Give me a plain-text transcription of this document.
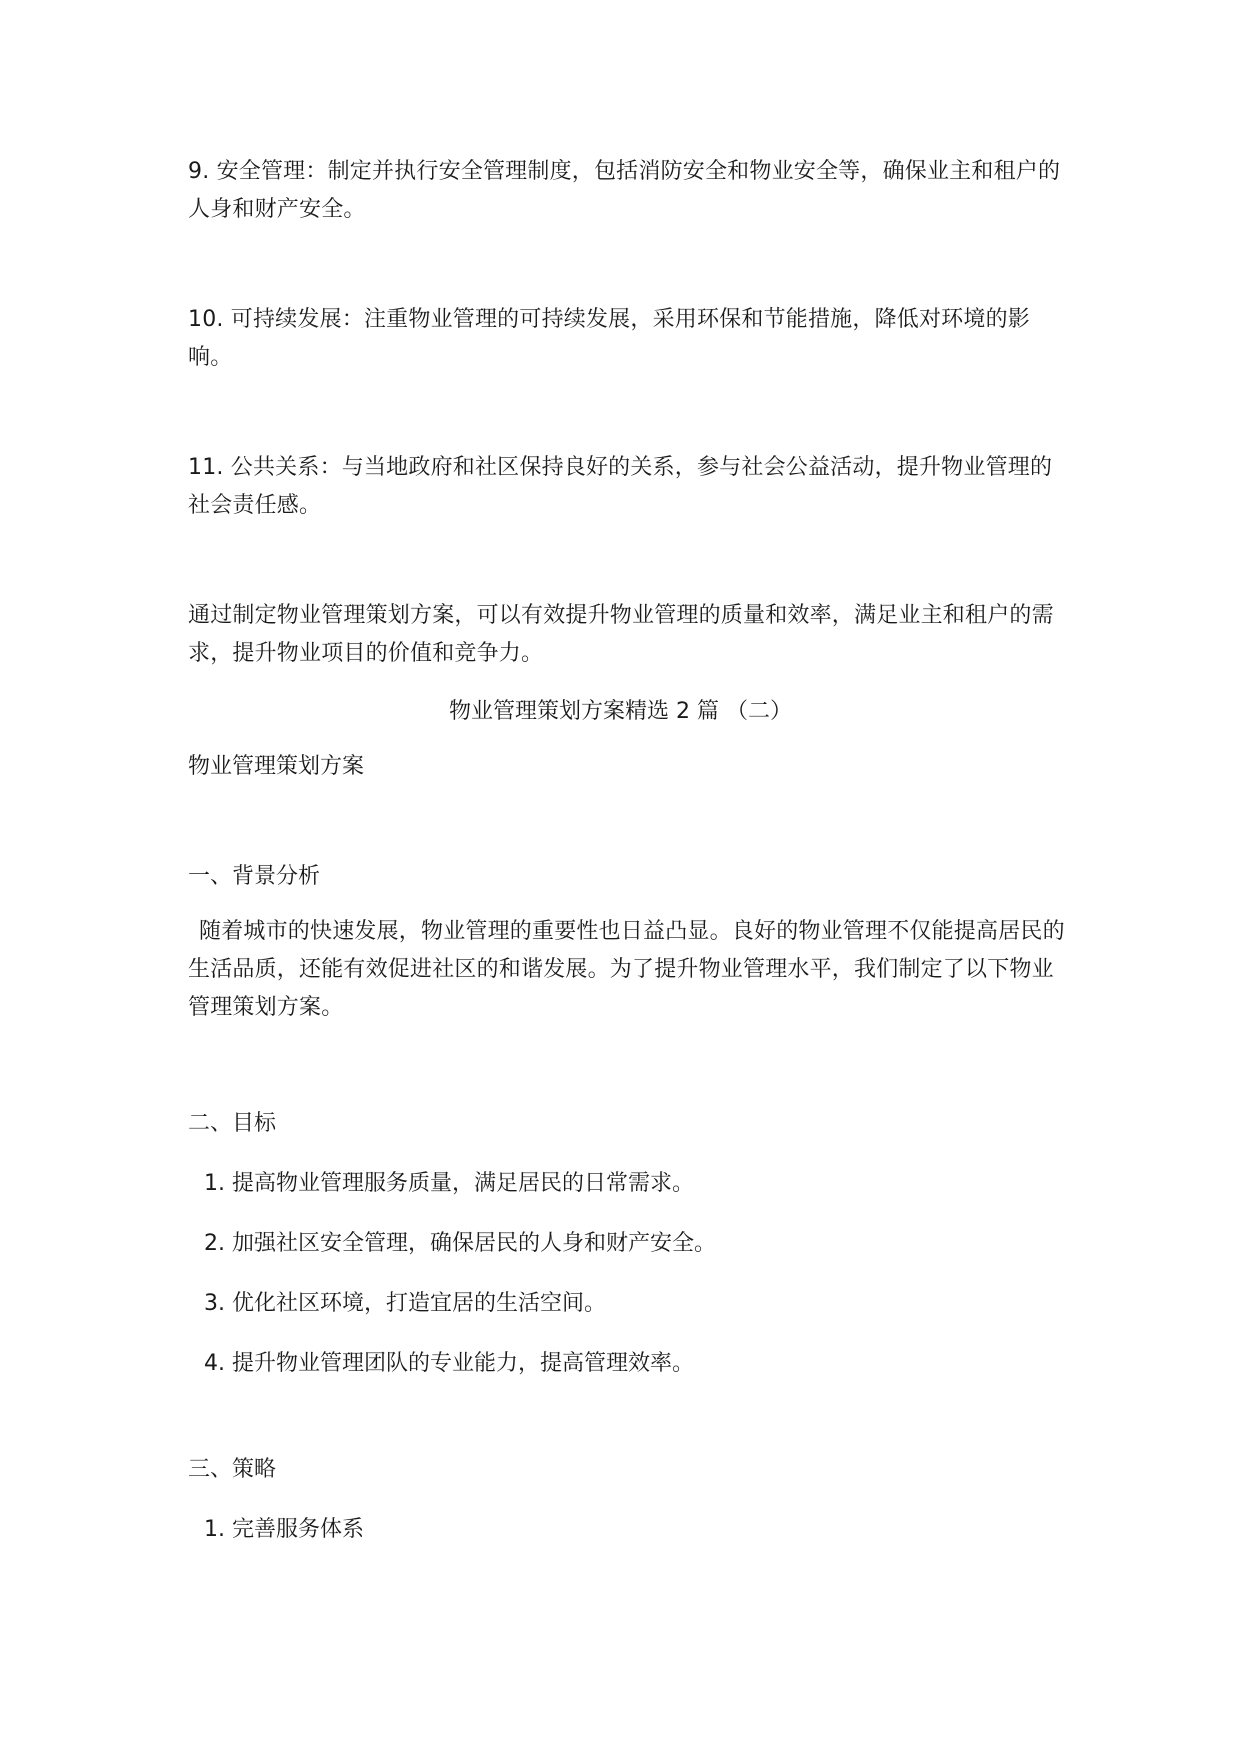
9. 安全管理：制定并执行安全管理制度，包括消防安全和物业安全等，确保业主和租户的人身和财产安全。

10. 可持续发展：注重物业管理的可持续发展，采用环保和节能措施，降低对环境的影响。

11. 公共关系：与当地政府和社区保持良好的关系，参与社会公益活动，提升物业管理的社会责任感。

通过制定物业管理策划方案，可以有效提升物业管理的质量和效率，满足业主和租户的需求，提升物业项目的价值和竞争力。

物业管理策划方案精选 2 篇 （二）

物业管理策划方案

一、背景分析

随着城市的快速发展，物业管理的重要性也日益凸显。良好的物业管理不仅能提高居民的生活品质，还能有效促进社区的和谐发展。为了提升物业管理水平，我们制定了以下物业管理策划方案。

二、目标

1. 提高物业管理服务质量，满足居民的日常需求。

2. 加强社区安全管理，确保居民的人身和财产安全。

3. 优化社区环境，打造宜居的生活空间。

4. 提升物业管理团队的专业能力，提高管理效率。

三、策略

1. 完善服务体系
